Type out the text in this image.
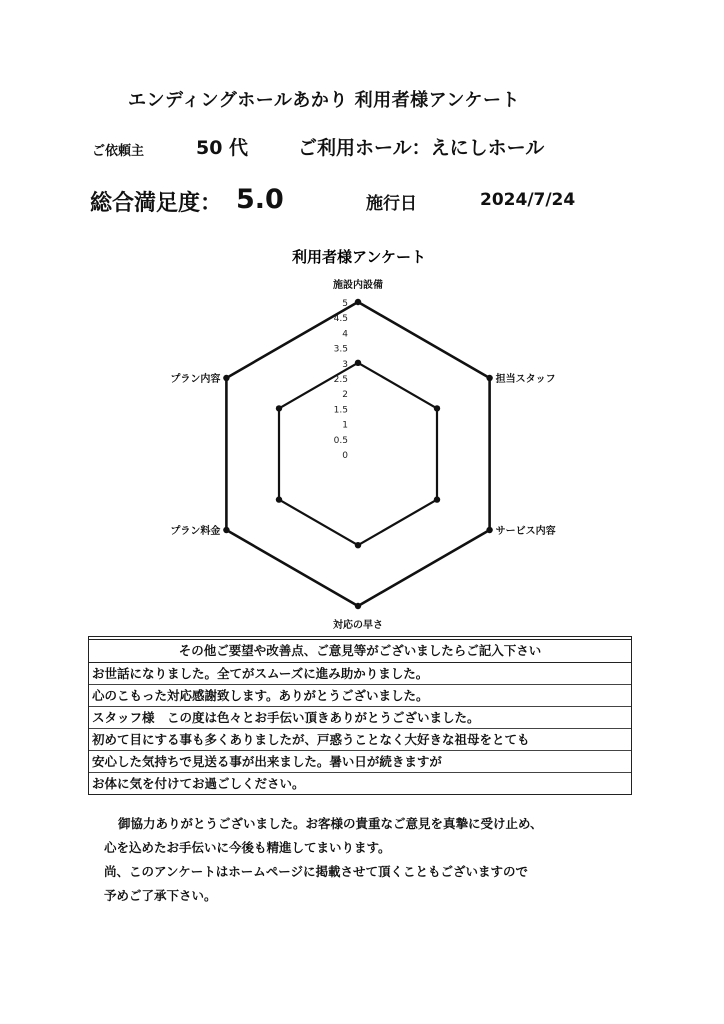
エンディングホールあかり 利用者様アンケート
ご依頼主	50 代	ご利用ホール：えにしホール
総合満足度： 5.0	施行日	2024/7/24
利用者様アンケート
5
4.5
4
3.5
3
2.5
2
1.5
1
0.5
0
施設内設備
担当スタッフ
サービス内容
対応の早さ
プラン料金
プラン内容
その他ご要望や改善点、ご意見等がございましたらご記入下さい
お世話になりました。全てがスムーズに進み助かりました。
心のこもった対応感謝致します。ありがとうございました。
スタッフ様　この度は色々とお手伝い頂きありがとうございました。
初めて目にする事も多くありましたが、戸惑うことなく大好きな祖母をとても
安心した気持ちで見送る事が出来ました。暑い日が続きますが
お体に気を付けてお過ごしください。
御協力ありがとうございました。お客様の貴重なご意見を真摯に受け止め、
心を込めたお手伝いに今後も精進してまいります。
尚、このアンケートはホームページに掲載させて頂くこともございますので
予めご了承下さい。
